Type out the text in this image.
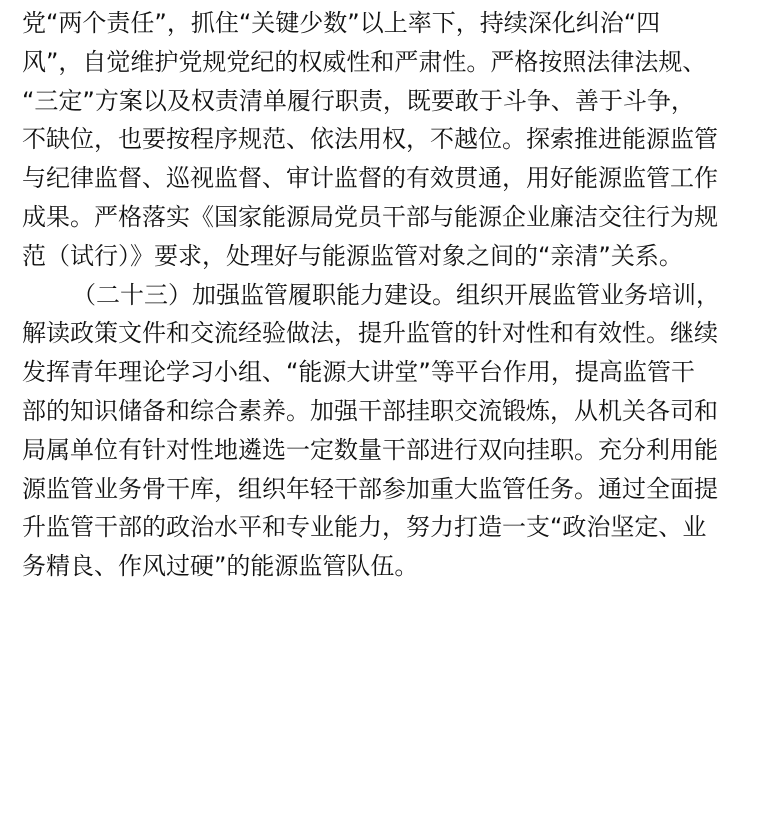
党“两个责任”，抓住“关键少数”以上率下，持续深化纠治“四
风”，自觉维护党规党纪的权威性和严肃性。严格按照法律法规、
“三定”方案以及权责清单履行职责，既要敢于斗争、善于斗争，
不缺位，也要按程序规范、依法用权，不越位。探索推进能源监管
与纪律监督、巡视监督、审计监督的有效贯通，用好能源监管工作
成果。严格落实《国家能源局党员干部与能源企业廉洁交往行为规
范（试行）》要求，处理好与能源监管对象之间的“亲清”关系。
（二十三）加强监管履职能力建设。组织开展监管业务培训，
解读政策文件和交流经验做法，提升监管的针对性和有效性。继续
发挥青年理论学习小组、“能源大讲堂”等平台作用，提高监管干
部的知识储备和综合素养。加强干部挂职交流锻炼，从机关各司和
局属单位有针对性地遴选一定数量干部进行双向挂职。充分利用能
源监管业务骨干库，组织年轻干部参加重大监管任务。通过全面提
升监管干部的政治水平和专业能力，努力打造一支“政治坚定、业
务精良、作风过硬”的能源监管队伍。
